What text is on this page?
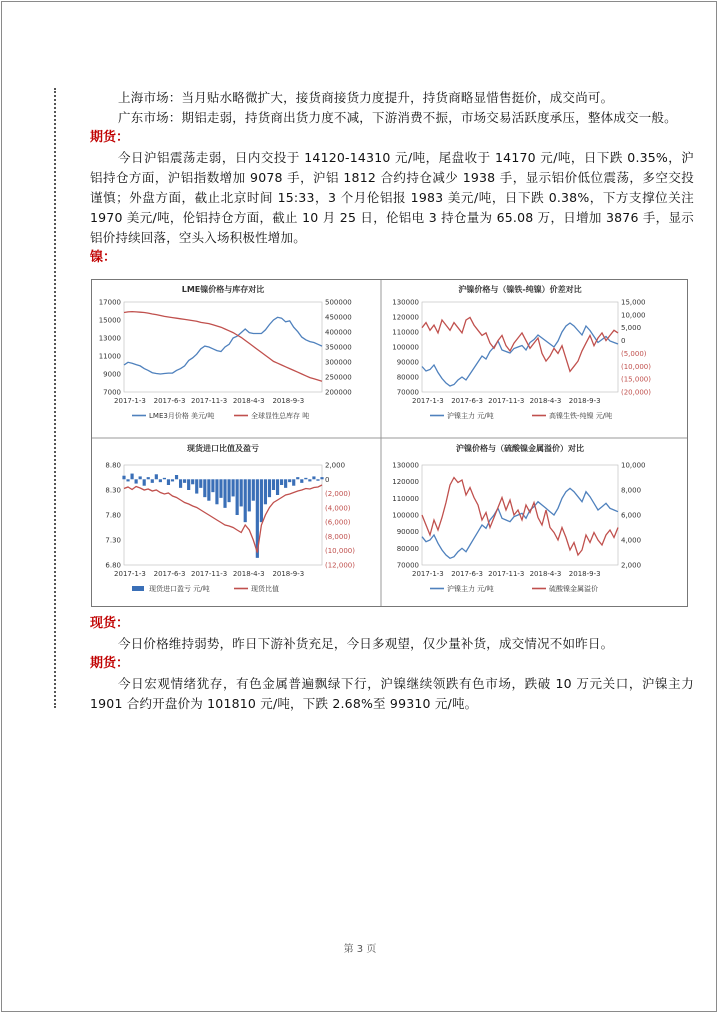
上海市场：当月贴水略微扩大，接货商接货力度提升，持货商略显惜售挺价，成交尚可。

广东市场：期铝走弱，持货商出货力度不减，下游消费不振，市场交易活跃度承压，整体成交一般。

期货：

今日沪铝震荡走弱，日内交投于 14120-14310 元/吨，尾盘收于 14170 元/吨，日下跌 0.35%，沪铝持仓方面，沪铝指数增加 9078 手，沪铝 1812 合约持仓减少 1938 手，显示铝价低位震荡，多空交投谨慎；外盘方面，截止北京时间 15:33，3 个月伦铝报 1983 美元/吨，日下跌 0.38%，下方支撑位关注 1970 美元/吨，伦铝持仓方面，截止 10 月 25 日，伦铝电 3 持仓量为 65.08 万，日增加 3876 手，显示铝价持续回落，空头入场积极性增加。

镍：

LME镍价格与库存对比
17000
15000
13000
11000
9000
7000
500000
450000
400000
350000
300000
250000
200000
2017-1-3 2017-6-3 2017-11-3 2018-4-3 2018-9-3
LME3月价格 美元/吨	全球显性总库存 吨
沪镍价格与（镍铁-纯镍）价差对比
130000
120000
110000
100000
90000
80000
70000
15,000
10,000
5,000
0
(5,000)
(10,000)
(15,000)
(20,000)
2017-1-3 2017-6-3 2017-11-3 2018-4-3 2018-9-3
沪镍主力 元/吨	高镍生铁-纯镍 元/吨
现货进口比值及盈亏
8.80
8.30
7.80
7.30
6.80
2,000
0
(2,000)
(4,000)
(6,000)
(8,000)
(10,000)
(12,000)
2017-1-3 2017-6-3 2017-11-3 2018-4-3 2018-9-3
现货进口盈亏 元/吨	现货比值
沪镍价格与（硫酸镍金属溢价）对比
130000
120000
110000
100000
90000
80000
70000
10,000
8,000
6,000
4,000
2,000
2017-1-3 2017-6-3 2017-11-3 2018-4-3 2018-9-3
沪镍主力 元/吨	硫酸镍金属溢价

现货：

今日价格维持弱势，昨日下游补货充足，今日多观望，仅少量补货，成交情况不如昨日。

期货：

今日宏观情绪犹存，有色金属普遍飘绿下行，沪镍继续领跌有色市场，跌破 10 万元关口，沪镍主力 1901 合约开盘价为 101810 元/吨，下跌 2.68%至 99310 元/吨。

第 3 页
